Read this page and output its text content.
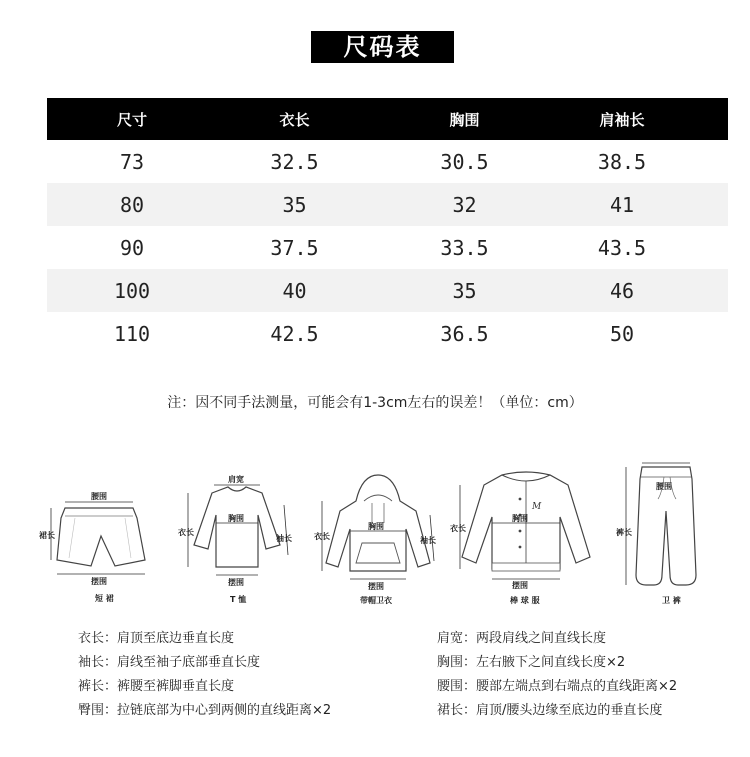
尺码表
尺寸	衣长	胸围	肩袖长
73	32.5	30.5	38.5
80	35	32	41
90	37.5	33.5	43.5
100	40	35	46
110	42.5	36.5	50
注：因不同手法测量，可能会有1-3cm左右的误差！（单位：cm）
腰围
裙长
摆围
短 裙
肩宽
胸围
衣长
袖长
摆围
T 恤
胸围
衣长	袖长
摆围
带帽卫衣
M
胸围
衣长
摆围
棒 球 服
腰围
裤长
卫 裤
衣长：肩顶至底边垂直长度
袖长：肩线至袖子底部垂直长度
裤长：裤腰至裤脚垂直长度
臀围：拉链底部为中心到两侧的直线距离×2
肩宽：两段肩线之间直线长度
胸围：左右腋下之间直线长度×2
腰围：腰部左端点到右端点的直线距离×2
裙长：肩顶/腰头边缘至底边的垂直长度
